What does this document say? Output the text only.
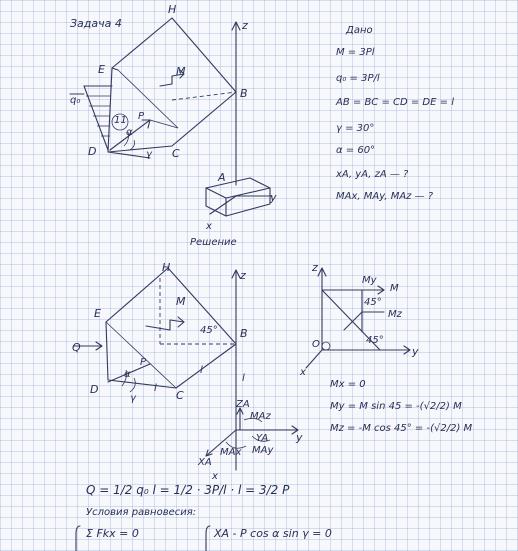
Задача 4
Дано
M = 3Pl
q₀ = 3P/l
AB = BC = CD = DE = l
γ = 30°
α = 60°
xA, yA, zA — ?
MAx, MAy, MAz — ?
H
E
B
C
D
A
z
y
x
q₀
M
P
α
γ
11
Решение
H
E
B
C
D
z
y
x
Q
M
P
α
γ
l
l
l
45°
ZA
MAz
YA
MAx
XA
MAy
z
y
x
O
My
M
Mz
45°
45°
Mx = 0
My = M sin 45 = -(√2/2) M
Mz = -M cos 45° = -(√2/2) M
Q = 1/2 q₀ l = 1/2 · 3P/l · l = 3/2 P
Условия равновесия:
Σ Fkx = 0	XA - P cos α sin γ = 0
